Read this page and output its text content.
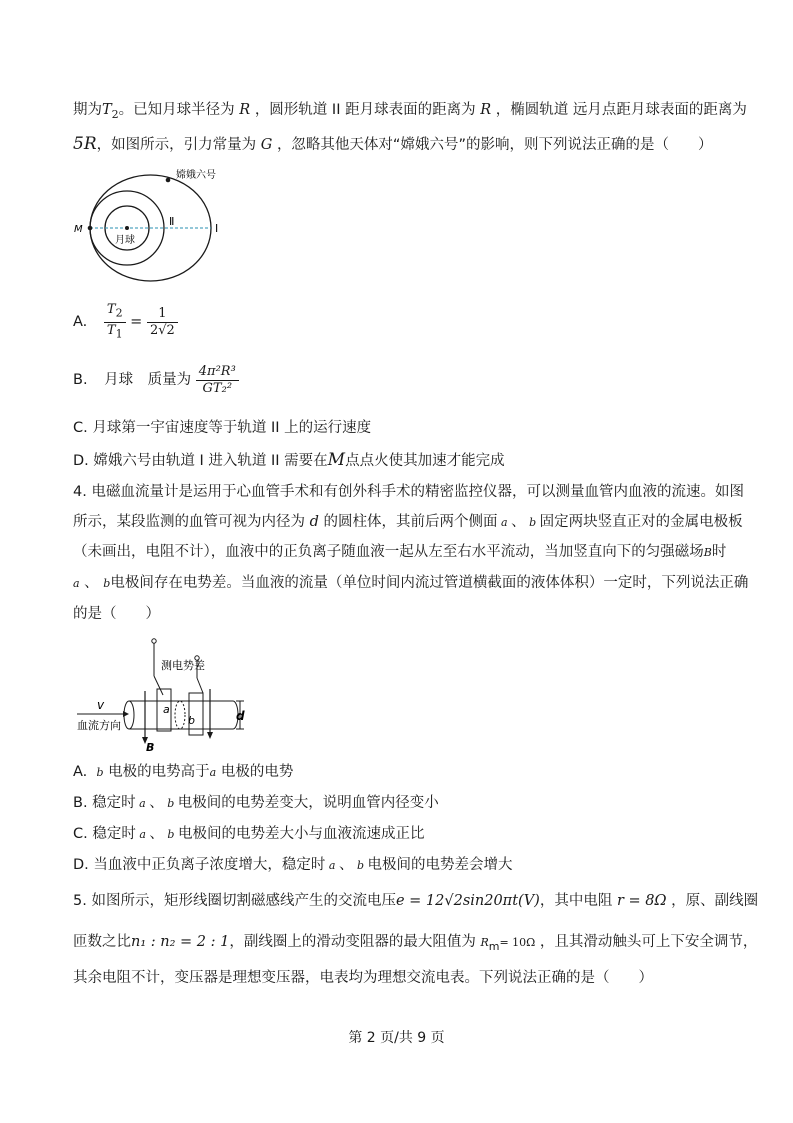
期为$T_2$。已知月球半径为 R ，圆形轨道 II 距月球表面的距离为 R ，椭圆轨道 远月点距月球表面的距离为
5R，如图所示，引力常量为 G ，忽略其他天体对“嫦娥六号”的影响，则下列说法正确的是（　　）
嫦娥六号
M
Ⅱ
Ⅰ
月球
A. $\frac{T_2}{T_1} = \frac{1}{2√2}$
B. 月球　质量为 $\frac{\text{4π²R³}}{\text{GT₂²}}$
C. 月球第一宇宙速度等于轨道 II 上的运行速度
D. 嫦娥六号由轨道 I 进入轨道 II 需要在M点点火使其加速才能完成
4. 电磁血流量计是运用于心血管手术和有创外科手术的精密监控仪器，可以测量血管内血液的流速。如图
所示，某段监测的血管可视为内径为 d 的圆柱体，其前后两个侧面 a 、 b 固定两块竖直正对的金属电极板
（未画出，电阻不计），血液中的正负离子随血液一起从左至右水平流动，当加竖直向下的匀强磁场B时
a 、 b电极间存在电势差。当血液的流量（单位时间内流过管道横截面的液体体积）一定时，下列说法正确
的是（　　）
测电势差
a
b
v
血流方向
B
d
A. b 电极的电势高于a 电极的电势
B. 稳定时 a 、 b 电极间的电势差变大，说明血管内径变小
C. 稳定时 a 、 b 电极间的电势差大小与血液流速成正比
D. 当血液中正负离子浓度增大，稳定时 a 、 b 电极间的电势差会增大
5. 如图所示，矩形线圈切割磁感线产生的交流电压e = 12√2sin20πt(V)，其中电阻 r = 8Ω ，原、副线圈
匝数之比n₁ : n₂ = 2 : 1，副线圈上的滑动变阻器的最大阻值为 $R_m= 10\Omega$ ，且其滑动触头可上下安全调节，
其余电阻不计，变压器是理想变压器，电表均为理想交流电表。下列说法正确的是（　　）
第 2 页/共 9 页
